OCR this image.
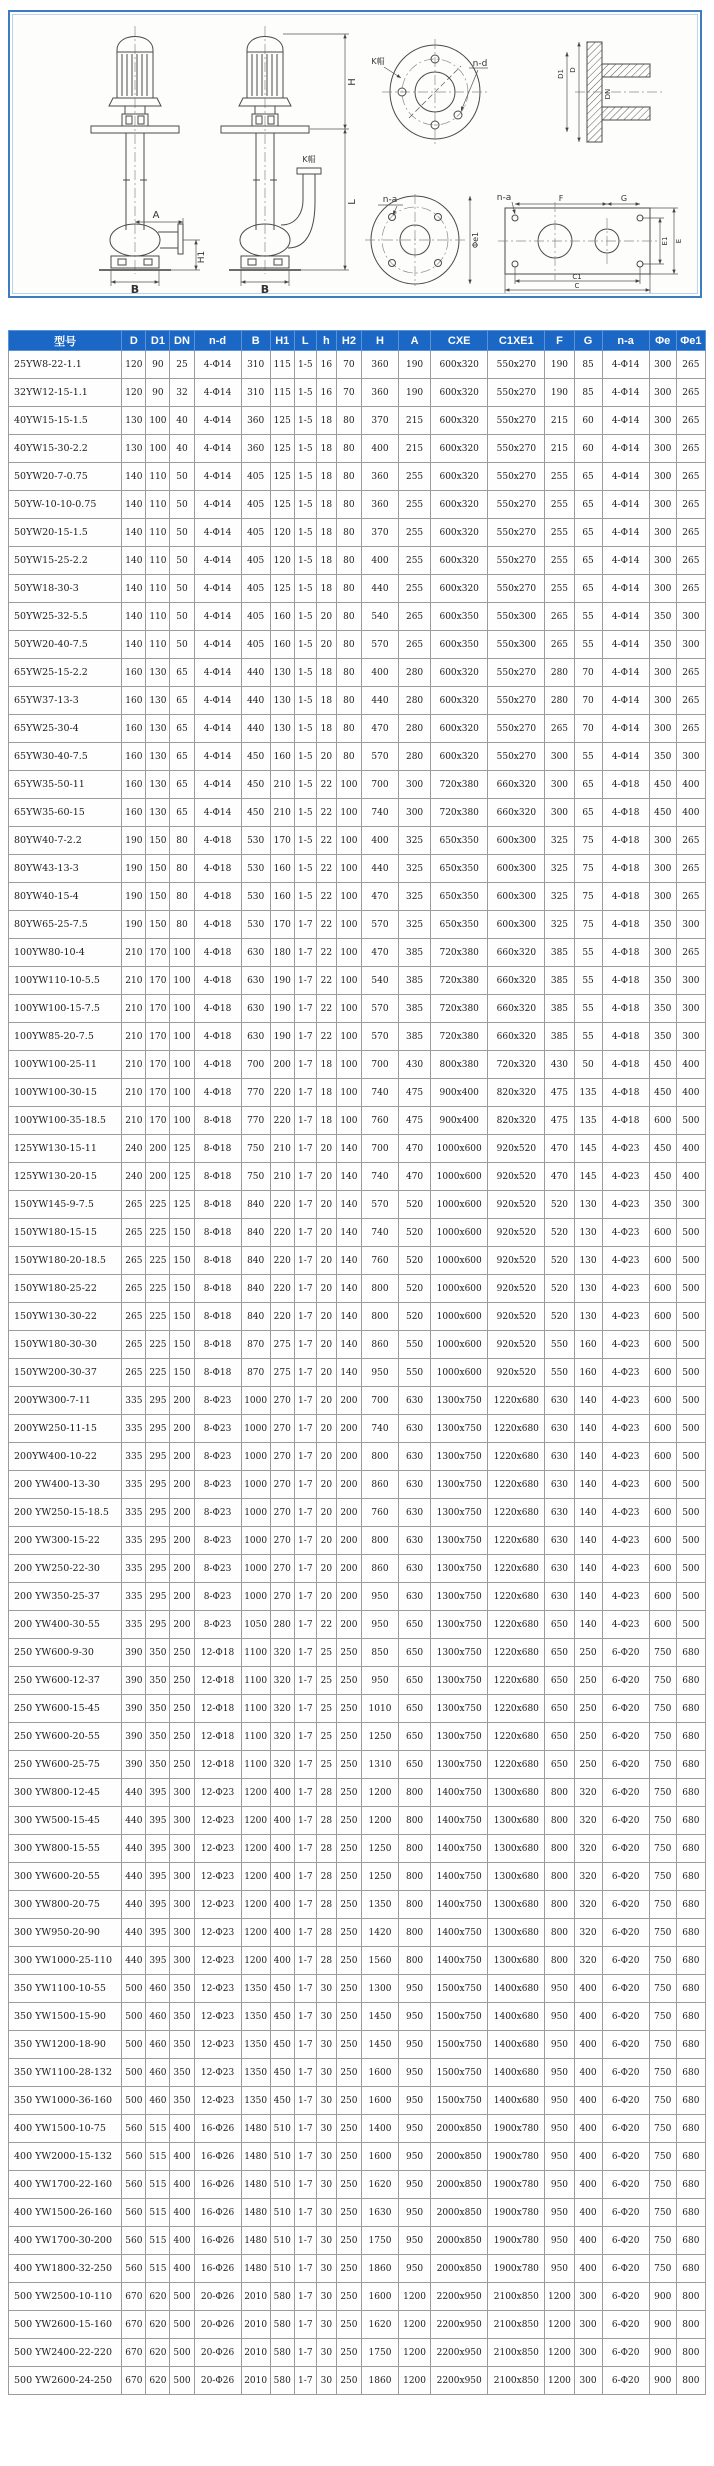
A
H1
B
K帽
H
L
B
K帽	n-d
D
D1
DN
n-a
Φe1
n-a	F	G
E1 E
C1
C
型号	D	D1	DN	n-d	B	H1	L	h	H2	H	A	CXE	C1XE1	F	G	n-a	Φe	Φe1
25YW8-22-1.1	120	90	25	4-Φ14	310	115	1-5	16	70	360	190	600x320	550x270	190	85	4-Φ14	300	265
32YW12-15-1.1	120	90	32	4-Φ14	310	115	1-5	16	70	360	190	600x320	550x270	190	85	4-Φ14	300	265
40YW15-15-1.5	130	100	40	4-Φ14	360	125	1-5	18	80	370	215	600x320	550x270	215	60	4-Φ14	300	265
40YW15-30-2.2	130	100	40	4-Φ14	360	125	1-5	18	80	400	215	600x320	550x270	215	60	4-Φ14	300	265
50YW20-7-0.75	140	110	50	4-Φ14	405	125	1-5	18	80	360	255	600x320	550x270	255	65	4-Φ14	300	265
50YW-10-10-0.75	140	110	50	4-Φ14	405	125	1-5	18	80	360	255	600x320	550x270	255	65	4-Φ14	300	265
50YW20-15-1.5	140	110	50	4-Φ14	405	120	1-5	18	80	370	255	600x320	550x270	255	65	4-Φ14	300	265
50YW15-25-2.2	140	110	50	4-Φ14	405	120	1-5	18	80	400	255	600x320	550x270	255	65	4-Φ14	300	265
50YW18-30-3	140	110	50	4-Φ14	405	125	1-5	18	80	440	255	600x320	550x270	255	65	4-Φ14	300	265
50YW25-32-5.5	140	110	50	4-Φ14	405	160	1-5	20	80	540	265	600x350	550x300	265	55	4-Φ14	350	300
50YW20-40-7.5	140	110	50	4-Φ14	405	160	1-5	20	80	570	265	600x350	550x300	265	55	4-Φ14	350	300
65YW25-15-2.2	160	130	65	4-Φ14	440	130	1-5	18	80	400	280	600x320	550x270	280	70	4-Φ14	300	265
65YW37-13-3	160	130	65	4-Φ14	440	130	1-5	18	80	440	280	600x320	550x270	280	70	4-Φ14	300	265
65YW25-30-4	160	130	65	4-Φ14	440	130	1-5	18	80	470	280	600x320	550x270	265	70	4-Φ14	300	265
65YW30-40-7.5	160	130	65	4-Φ14	450	160	1-5	20	80	570	280	600x320	550x270	300	55	4-Φ14	350	300
65YW35-50-11	160	130	65	4-Φ14	450	210	1-5	22	100	700	300	720x380	660x320	300	65	4-Φ18	450	400
65YW35-60-15	160	130	65	4-Φ14	450	210	1-5	22	100	740	300	720x380	660x320	300	65	4-Φ18	450	400
80YW40-7-2.2	190	150	80	4-Φ18	530	170	1-5	22	100	400	325	650x350	600x300	325	75	4-Φ18	300	265
80YW43-13-3	190	150	80	4-Φ18	530	160	1-5	22	100	440	325	650x350	600x300	325	75	4-Φ18	300	265
80YW40-15-4	190	150	80	4-Φ18	530	160	1-5	22	100	470	325	650x350	600x300	325	75	4-Φ18	300	265
80YW65-25-7.5	190	150	80	4-Φ18	530	170	1-7	22	100	570	325	650x350	600x300	325	75	4-Φ18	350	300
100YW80-10-4	210	170	100	4-Φ18	630	180	1-7	22	100	470	385	720x380	660x320	385	55	4-Φ18	300	265
100YW110-10-5.5	210	170	100	4-Φ18	630	190	1-7	22	100	540	385	720x380	660x320	385	55	4-Φ18	350	300
100YW100-15-7.5	210	170	100	4-Φ18	630	190	1-7	22	100	570	385	720x380	660x320	385	55	4-Φ18	350	300
100YW85-20-7.5	210	170	100	4-Φ18	630	190	1-7	22	100	570	385	720x380	660x320	385	55	4-Φ18	350	300
100YW100-25-11	210	170	100	4-Φ18	700	200	1-7	18	100	700	430	800x380	720x320	430	50	4-Φ18	450	400
100YW100-30-15	210	170	100	4-Φ18	770	220	1-7	18	100	740	475	900x400	820x320	475	135	4-Φ18	450	400
100YW100-35-18.5	210	170	100	8-Φ18	770	220	1-7	18	100	760	475	900x400	820x320	475	135	4-Φ18	600	500
125YW130-15-11	240	200	125	8-Φ18	750	210	1-7	20	140	700	470	1000x600	920x520	470	145	4-Φ23	450	400
125YW130-20-15	240	200	125	8-Φ18	750	210	1-7	20	140	740	470	1000x600	920x520	470	145	4-Φ23	450	400
150YW145-9-7.5	265	225	125	8-Φ18	840	220	1-7	20	140	570	520	1000x600	920x520	520	130	4-Φ23	350	300
150YW180-15-15	265	225	150	8-Φ18	840	220	1-7	20	140	740	520	1000x600	920x520	520	130	4-Φ23	600	500
150YW180-20-18.5	265	225	150	8-Φ18	840	220	1-7	20	140	760	520	1000x600	920x520	520	130	4-Φ23	600	500
150YW180-25-22	265	225	150	8-Φ18	840	220	1-7	20	140	800	520	1000x600	920x520	520	130	4-Φ23	600	500
150YW130-30-22	265	225	150	8-Φ18	840	220	1-7	20	140	800	520	1000x600	920x520	520	130	4-Φ23	600	500
150YW180-30-30	265	225	150	8-Φ18	870	275	1-7	20	140	860	550	1000x600	920x520	550	160	4-Φ23	600	500
150YW200-30-37	265	225	150	8-Φ18	870	275	1-7	20	140	950	550	1000x600	920x520	550	160	4-Φ23	600	500
200YW300-7-11	335	295	200	8-Φ23	1000	270	1-7	20	200	700	630	1300x750	1220x680	630	140	4-Φ23	600	500
200YW250-11-15	335	295	200	8-Φ23	1000	270	1-7	20	200	740	630	1300x750	1220x680	630	140	4-Φ23	600	500
200YW400-10-22	335	295	200	8-Φ23	1000	270	1-7	20	200	800	630	1300x750	1220x680	630	140	4-Φ23	600	500
200 YW400-13-30	335	295	200	8-Φ23	1000	270	1-7	20	200	860	630	1300x750	1220x680	630	140	4-Φ23	600	500
200 YW250-15-18.5	335	295	200	8-Φ23	1000	270	1-7	20	200	760	630	1300x750	1220x680	630	140	4-Φ23	600	500
200 YW300-15-22	335	295	200	8-Φ23	1000	270	1-7	20	200	800	630	1300x750	1220x680	630	140	4-Φ23	600	500
200 YW250-22-30	335	295	200	8-Φ23	1000	270	1-7	20	200	860	630	1300x750	1220x680	630	140	4-Φ23	600	500
200 YW350-25-37	335	295	200	8-Φ23	1000	270	1-7	20	200	950	630	1300x750	1220x680	630	140	4-Φ23	600	500
200 YW400-30-55	335	295	200	8-Φ23	1050	280	1-7	22	200	950	650	1300x750	1220x680	650	140	4-Φ23	600	500
250 YW600-9-30	390	350	250	12-Φ18	1100	320	1-7	25	250	850	650	1300x750	1220x680	650	250	6-Φ20	750	680
250 YW600-12-37	390	350	250	12-Φ18	1100	320	1-7	25	250	950	650	1300x750	1220x680	650	250	6-Φ20	750	680
250 YW600-15-45	390	350	250	12-Φ18	1100	320	1-7	25	250	1010	650	1300x750	1220x680	650	250	6-Φ20	750	680
250 YW600-20-55	390	350	250	12-Φ18	1100	320	1-7	25	250	1250	650	1300x750	1220x680	650	250	6-Φ20	750	680
250 YW600-25-75	390	350	250	12-Φ18	1100	320	1-7	25	250	1310	650	1300x750	1220x680	650	250	6-Φ20	750	680
300 YW800-12-45	440	395	300	12-Φ23	1200	400	1-7	28	250	1200	800	1400x750	1300x680	800	320	6-Φ20	750	680
300 YW500-15-45	440	395	300	12-Φ23	1200	400	1-7	28	250	1200	800	1400x750	1300x680	800	320	6-Φ20	750	680
300 YW800-15-55	440	395	300	12-Φ23	1200	400	1-7	28	250	1250	800	1400x750	1300x680	800	320	6-Φ20	750	680
300 YW600-20-55	440	395	300	12-Φ23	1200	400	1-7	28	250	1250	800	1400x750	1300x680	800	320	6-Φ20	750	680
300 YW800-20-75	440	395	300	12-Φ23	1200	400	1-7	28	250	1350	800	1400x750	1300x680	800	320	6-Φ20	750	680
300 YW950-20-90	440	395	300	12-Φ23	1200	400	1-7	28	250	1420	800	1400x750	1300x680	800	320	6-Φ20	750	680
300 YW1000-25-110	440	395	300	12-Φ23	1200	400	1-7	28	250	1560	800	1400x750	1300x680	800	320	6-Φ20	750	680
350 YW1100-10-55	500	460	350	12-Φ23	1350	450	1-7	30	250	1300	950	1500x750	1400x680	950	400	6-Φ20	750	680
350 YW1500-15-90	500	460	350	12-Φ23	1350	450	1-7	30	250	1450	950	1500x750	1400x680	950	400	6-Φ20	750	680
350 YW1200-18-90	500	460	350	12-Φ23	1350	450	1-7	30	250	1450	950	1500x750	1400x680	950	400	6-Φ20	750	680
350 YW1100-28-132	500	460	350	12-Φ23	1350	450	1-7	30	250	1600	950	1500x750	1400x680	950	400	6-Φ20	750	680
350 YW1000-36-160	500	460	350	12-Φ23	1350	450	1-7	30	250	1600	950	1500x750	1400x680	950	400	6-Φ20	750	680
400 YW1500-10-75	560	515	400	16-Φ26	1480	510	1-7	30	250	1400	950	2000x850	1900x780	950	400	6-Φ20	750	680
400 YW2000-15-132	560	515	400	16-Φ26	1480	510	1-7	30	250	1600	950	2000x850	1900x780	950	400	6-Φ20	750	680
400 YW1700-22-160	560	515	400	16-Φ26	1480	510	1-7	30	250	1620	950	2000x850	1900x780	950	400	6-Φ20	750	680
400 YW1500-26-160	560	515	400	16-Φ26	1480	510	1-7	30	250	1630	950	2000x850	1900x780	950	400	6-Φ20	750	680
400 YW1700-30-200	560	515	400	16-Φ26	1480	510	1-7	30	250	1750	950	2000x850	1900x780	950	400	6-Φ20	750	680
400 YW1800-32-250	560	515	400	16-Φ26	1480	510	1-7	30	250	1860	950	2000x850	1900x780	950	400	6-Φ20	750	680
500 YW2500-10-110	670	620	500	20-Φ26	2010	580	1-7	30	250	1600	1200	2200x950	2100x850	1200	300	6-Φ20	900	800
500 YW2600-15-160	670	620	500	20-Φ26	2010	580	1-7	30	250	1620	1200	2200x950	2100x850	1200	300	6-Φ20	900	800
500 YW2400-22-220	670	620	500	20-Φ26	2010	580	1-7	30	250	1750	1200	2200x950	2100x850	1200	300	6-Φ20	900	800
500 YW2600-24-250	670	620	500	20-Φ26	2010	580	1-7	30	250	1860	1200	2200x950	2100x850	1200	300	6-Φ20	900	800
